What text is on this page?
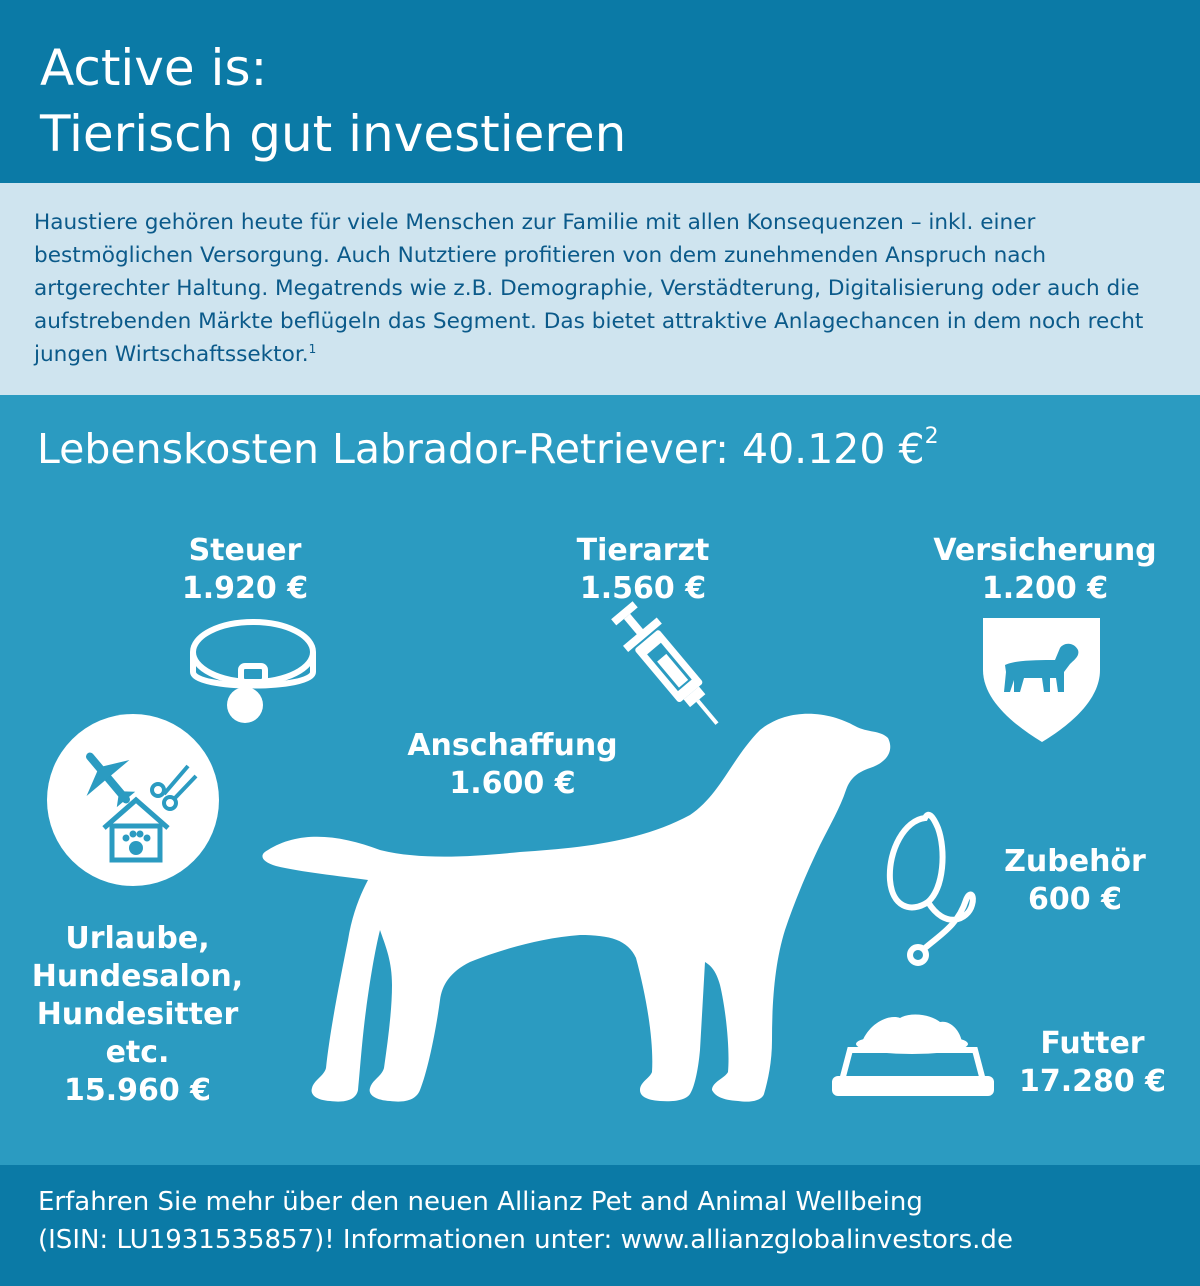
Active is:
Tierisch gut investieren
Haustiere gehören heute für viele Menschen zur Familie mit allen Konsequenzen – inkl. einer bestmöglichen Versorgung. Auch Nutztiere profitieren von dem zunehmenden Anspruch nach artgerechter Haltung. Megatrends wie z.B. Demographie, Verstädterung, Digitalisierung oder auch die aufstrebenden Märkte beflügeln das Segment. Das bietet attraktive Anlagechancen in dem noch recht jungen Wirtschaftssektor.$^1$
Lebenskosten Labrador-Retriever: 40.120 €$^2$
Steuer
1.920 €
Tierarzt
1.560 €
Versicherung
1.200 €
Anschaffung
1.600 €
Zubehör
600 €
Urlaube,
Hundesalon,
Hundesitter
etc.
15.960 €
Futter
17.280 €
Erfahren Sie mehr über den neuen Allianz Pet and Animal Wellbeing
(ISIN: LU1931535857)! Informationen unter: www.allianzglobalinvestors.de
